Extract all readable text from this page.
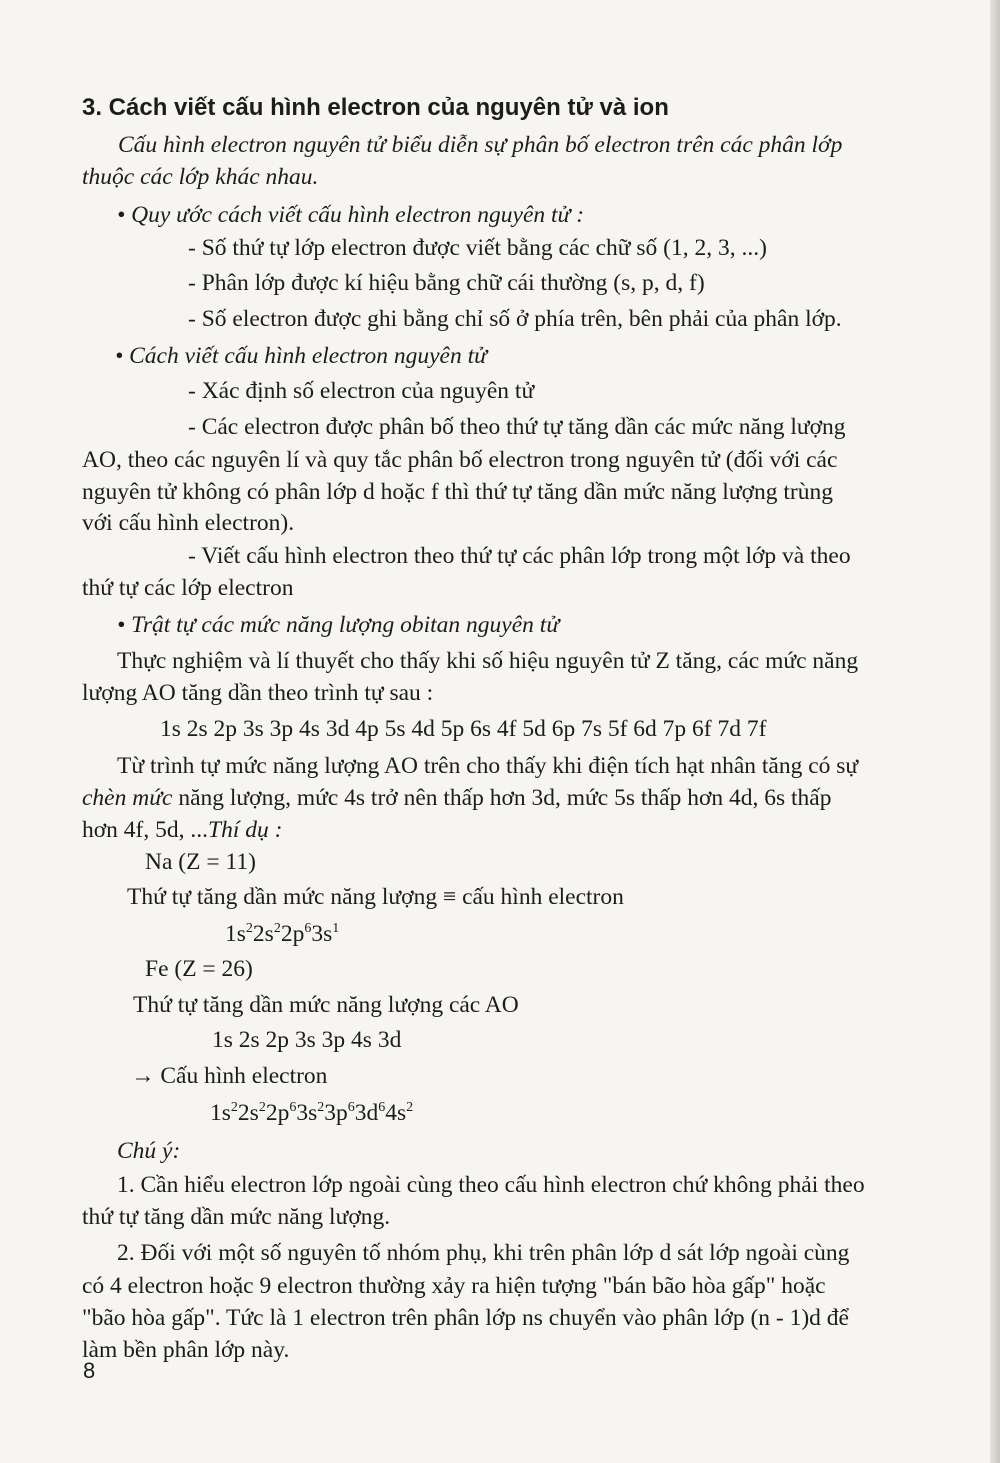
3. Cách viết cấu hình electron của nguyên tử và ion
Cấu hình electron nguyên tử biểu diễn sự phân bố electron trên các phân lớp
thuộc các lớp khác nhau.
• Quy ước cách viết cấu hình electron nguyên tử :
- Số thứ tự lớp electron được viết bằng các chữ số (1, 2, 3, ...)
- Phân lớp được kí hiệu bằng chữ cái thường (s, p, d, f)
- Số electron được ghi bằng chỉ số ở phía trên, bên phải của phân lớp.
• Cách viết cấu hình electron nguyên tử
- Xác định số electron của nguyên tử
- Các electron được phân bố theo thứ tự tăng dần các mức năng lượng
AO, theo các nguyên lí và quy tắc phân bố electron trong nguyên tử (đối với các
nguyên tử không có phân lớp d hoặc f thì thứ tự tăng dần mức năng lượng trùng
với cấu hình electron).
- Viết cấu hình electron theo thứ tự các phân lớp trong một lớp và theo
thứ tự các lớp electron
• Trật tự các mức năng lượng obitan nguyên tử
Thực nghiệm và lí thuyết cho thấy khi số hiệu nguyên tử Z tăng, các mức năng
lượng AO tăng dần theo trình tự sau :
1s 2s 2p 3s 3p 4s 3d 4p 5s 4d 5p 6s 4f 5d 6p 7s 5f 6d 7p 6f 7d 7f
Từ trình tự mức năng lượng AO trên cho thấy khi điện tích hạt nhân tăng có sự
chèn mức năng lượng, mức 4s trở nên thấp hơn 3d, mức 5s thấp hơn 4d, 6s thấp
hơn 4f, 5d, ...Thí dụ :
Na (Z = 11)
Thứ tự tăng dần mức năng lượng ≡ cấu hình electron
$1s^22s^22p^63s^1$
Fe (Z = 26)
Thứ tự tăng dần mức năng lượng các AO
1s 2s 2p 3s 3p 4s 3d
→ Cấu hình electron
$1s^22s^22p^63s^23p^63d^64s^2$
Chú ý:
1. Cần hiểu electron lớp ngoài cùng theo cấu hình electron chứ không phải theo
thứ tự tăng dần mức năng lượng.
2. Đối với một số nguyên tố nhóm phụ, khi trên phân lớp d sát lớp ngoài cùng
có 4 electron hoặc 9 electron thường xảy ra hiện tượng "bán bão hòa gấp" hoặc
"bão hòa gấp". Tức là 1 electron trên phân lớp ns chuyển vào phân lớp (n - 1)d để
làm bền phân lớp này.
8
